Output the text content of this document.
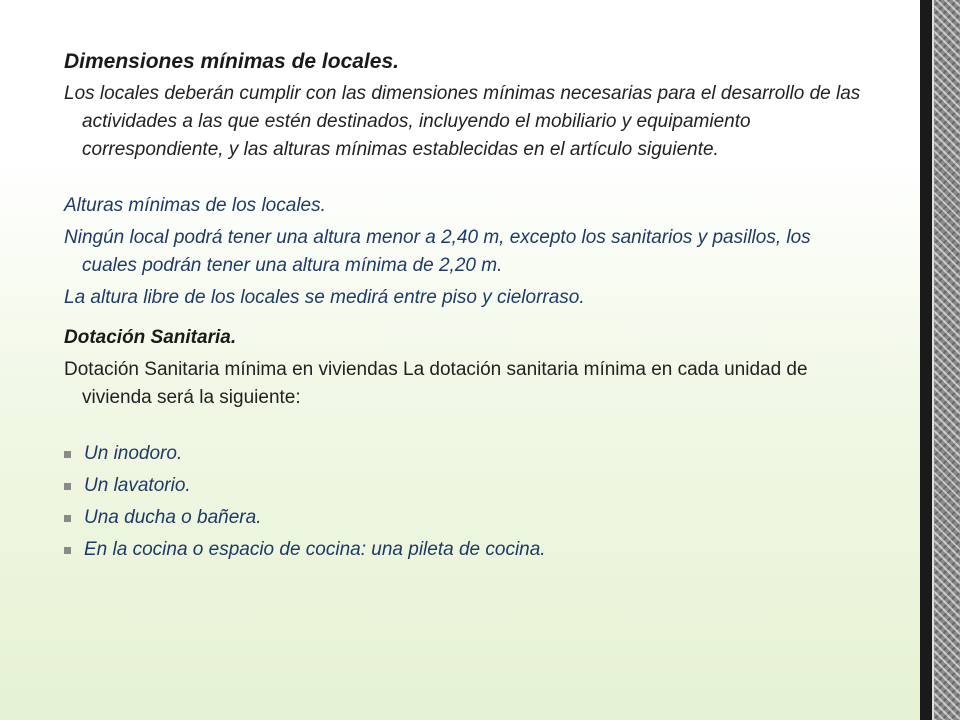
Dimensiones mínimas de locales.

Los locales deberán cumplir con las dimensiones mínimas necesarias para el desarrollo de las actividades a las que estén destinados, incluyendo el mobiliario y equipamiento correspondiente, y las alturas mínimas establecidas en el artículo siguiente.

Alturas mínimas de los locales.

Ningún local podrá tener una altura menor a 2,40 m, excepto los sanitarios y pasillos, los cuales podrán tener una altura mínima de 2,20 m.

La altura libre de los locales se medirá entre piso y cielorraso.

Dotación Sanitaria.

Dotación Sanitaria mínima en viviendas La dotación sanitaria mínima en cada unidad de vivienda será la siguiente:

Un inodoro.
Un lavatorio.
Una ducha o bañera.
En la cocina o espacio de cocina: una pileta de cocina.
